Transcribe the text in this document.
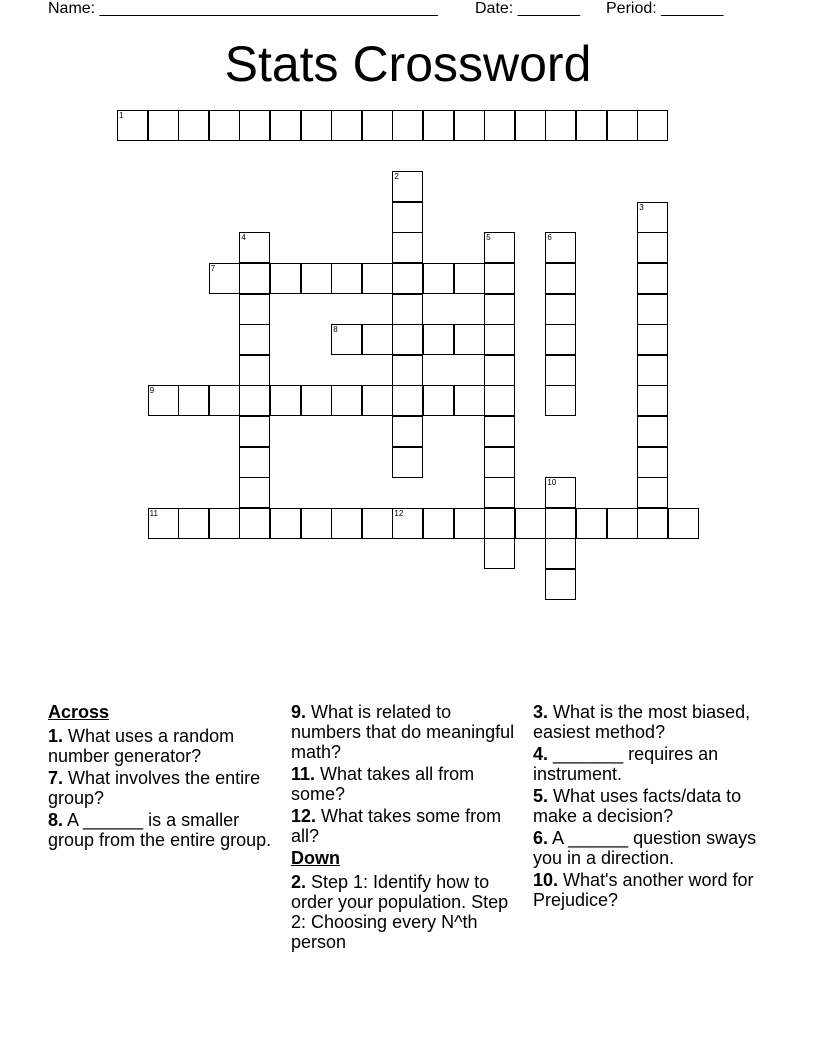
Name: ______________________________________ Date: _______ Period: _______
Stats Crossword
1
2
3
4	5	6
7
8
9
10
11	12
Across
1. What uses a random number generator?
7. What involves the entire group?
8. A ______ is a smaller group from the entire group.
9. What is related to numbers that do meaningful math?
11. What takes all from some?
12. What takes some from all?
Down
2. Step 1: Identify how to order your population. Step 2: Choosing every N^th person
3. What is the most biased, easiest method?
4. _______ requires an instrument.
5. What uses facts/data to make a decision?
6. A ______ question sways you in a direction.
10. What's another word for Prejudice?
